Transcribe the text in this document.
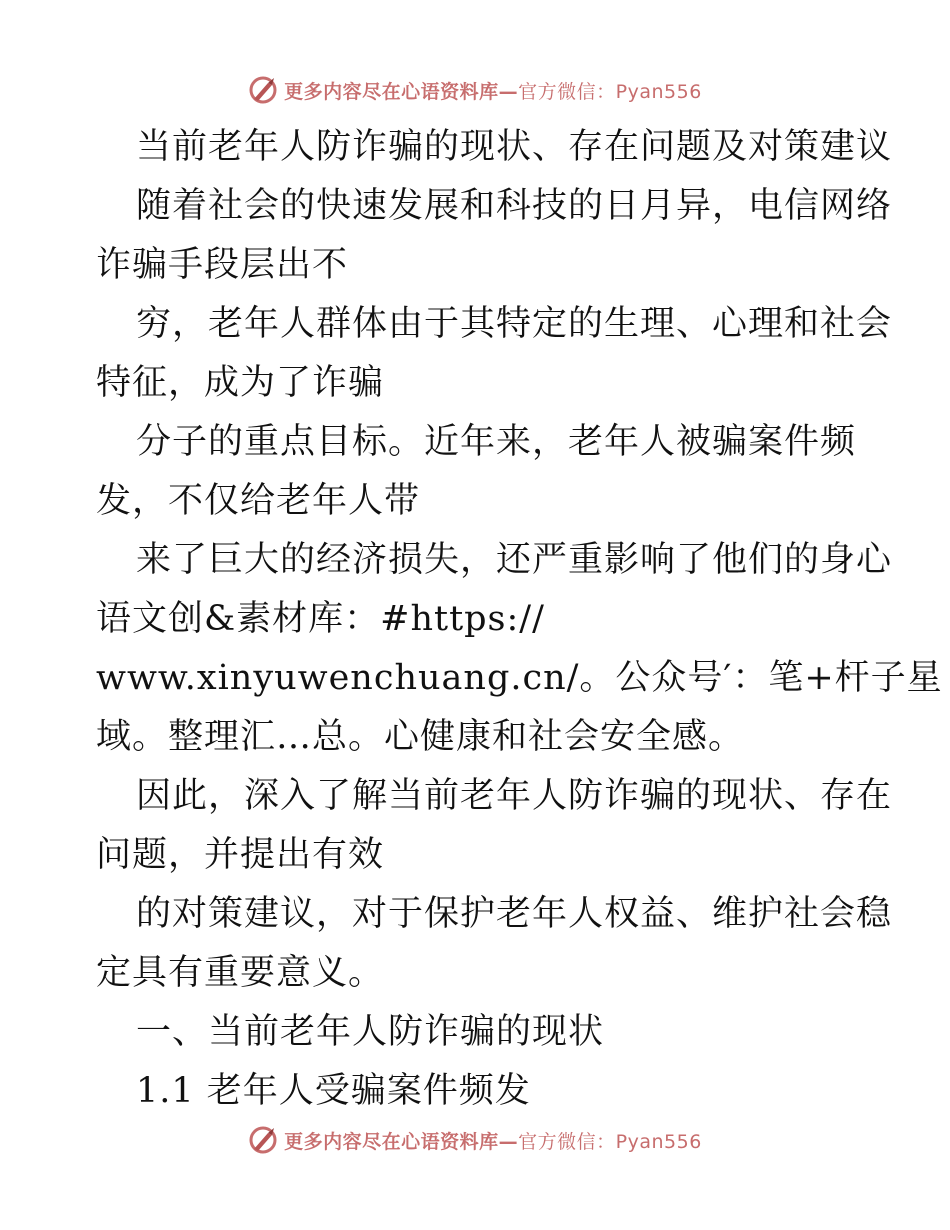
更多内容尽在心语资料库—官方微信：Pyan556
当前老年人防诈骗的现状、存在问题及对策建议
随着社会的快速发展和科技的日月异，电信网络
诈骗手段层出不
穷，老年人群体由于其特定的生理、心理和社会
特征，成为了诈骗
分子的重点目标。近年来，老年人被骗案件频
发，不仅给老年人带
来了巨大的经济损失，还严重影响了他们的身心
语文创&素材库：#https://
www.xinyuwenchuang.cn/。公众号′：笔+杆子星
域。整理汇…总。心健康和社会安全感。
因此，深入了解当前老年人防诈骗的现状、存在
问题，并提出有效
的对策建议，对于保护老年人权益、维护社会稳
定具有重要意义。
一、当前老年人防诈骗的现状
1.1 老年人受骗案件频发
更多内容尽在心语资料库—官方微信：Pyan556
